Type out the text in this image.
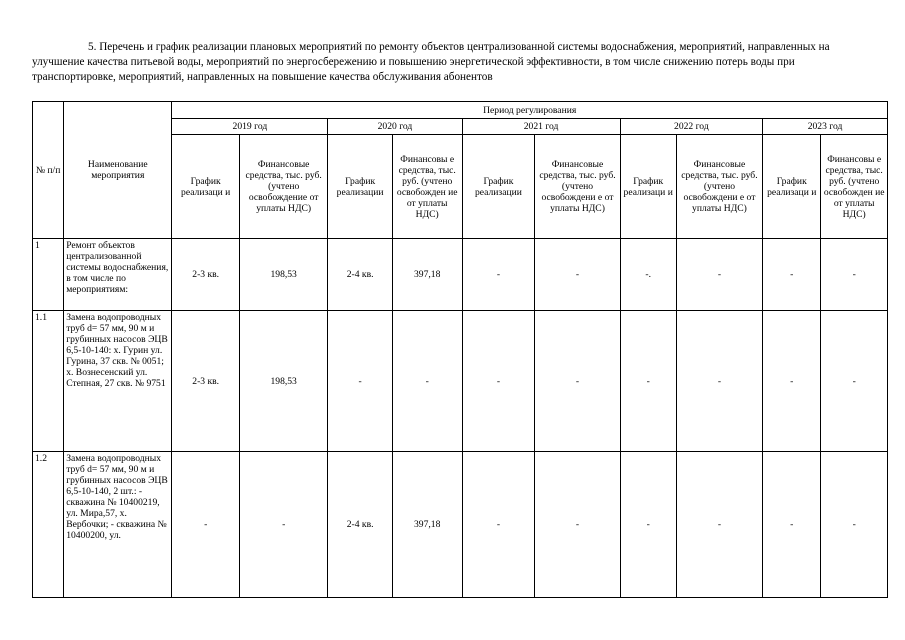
5. Перечень и график реализации плановых мероприятий по ремонту объектов централизованной системы водоснабжения, мероприятий, направленных на улучшение качества питьевой воды, мероприятий по энергосбережению и повышению энергетической эффективности, в том числе снижению потерь воды при транспортировке, мероприятий, направленных на повышение качества обслуживания абонентов
№ п/п	Наименование мероприятия	Период регулирования									
		2019 год		2020 год		2021 год		2022 год		2023 год	
		График реализаци и	Финансовые средства, тыс. руб. (учтено освобождение от уплаты НДС)	График реализации	Финансовы е средства, тыс. руб. (учтено освобожден ие от уплаты НДС)	График реализации	Финансовые средства, тыс. руб. (учтено освобождени е от уплаты НДС)	График реализаци и	Финансовые средства, тыс. руб. (учтено освобождени е от уплаты НДС)	График реализаци и	Финансовы е средства, тыс. руб. (учтено освобожден ие от уплаты НДС)
1	Ремонт объектов централизованной системы водоснабжения, в том числе по мероприятиям:	2-3 кв.	198,53	2-4 кв.	397,18	-	-	-.	-	-	-
1.1	Замена водопроводных труб d= 57 мм, 90 м и грубинных насосов ЭЦВ 6,5-10-140: х. Гурин ул. Гурина, 37 скв. № 0051; х. Вознесенский ул. Степная, 27 скв. № 9751	2-3 кв.	198,53	-	-	-	-	-	-	-	-
1.2	Замена водопроводных труб d= 57 мм, 90 м и грубинных насосов ЭЦВ 6,5-10-140, 2 шт.: - скважина № 10400219, ул. Мира,57, х. Вербочки; - скважина № 10400200, ул.	-	-	2-4 кв.	397,18	-	-	-	-	-	-
